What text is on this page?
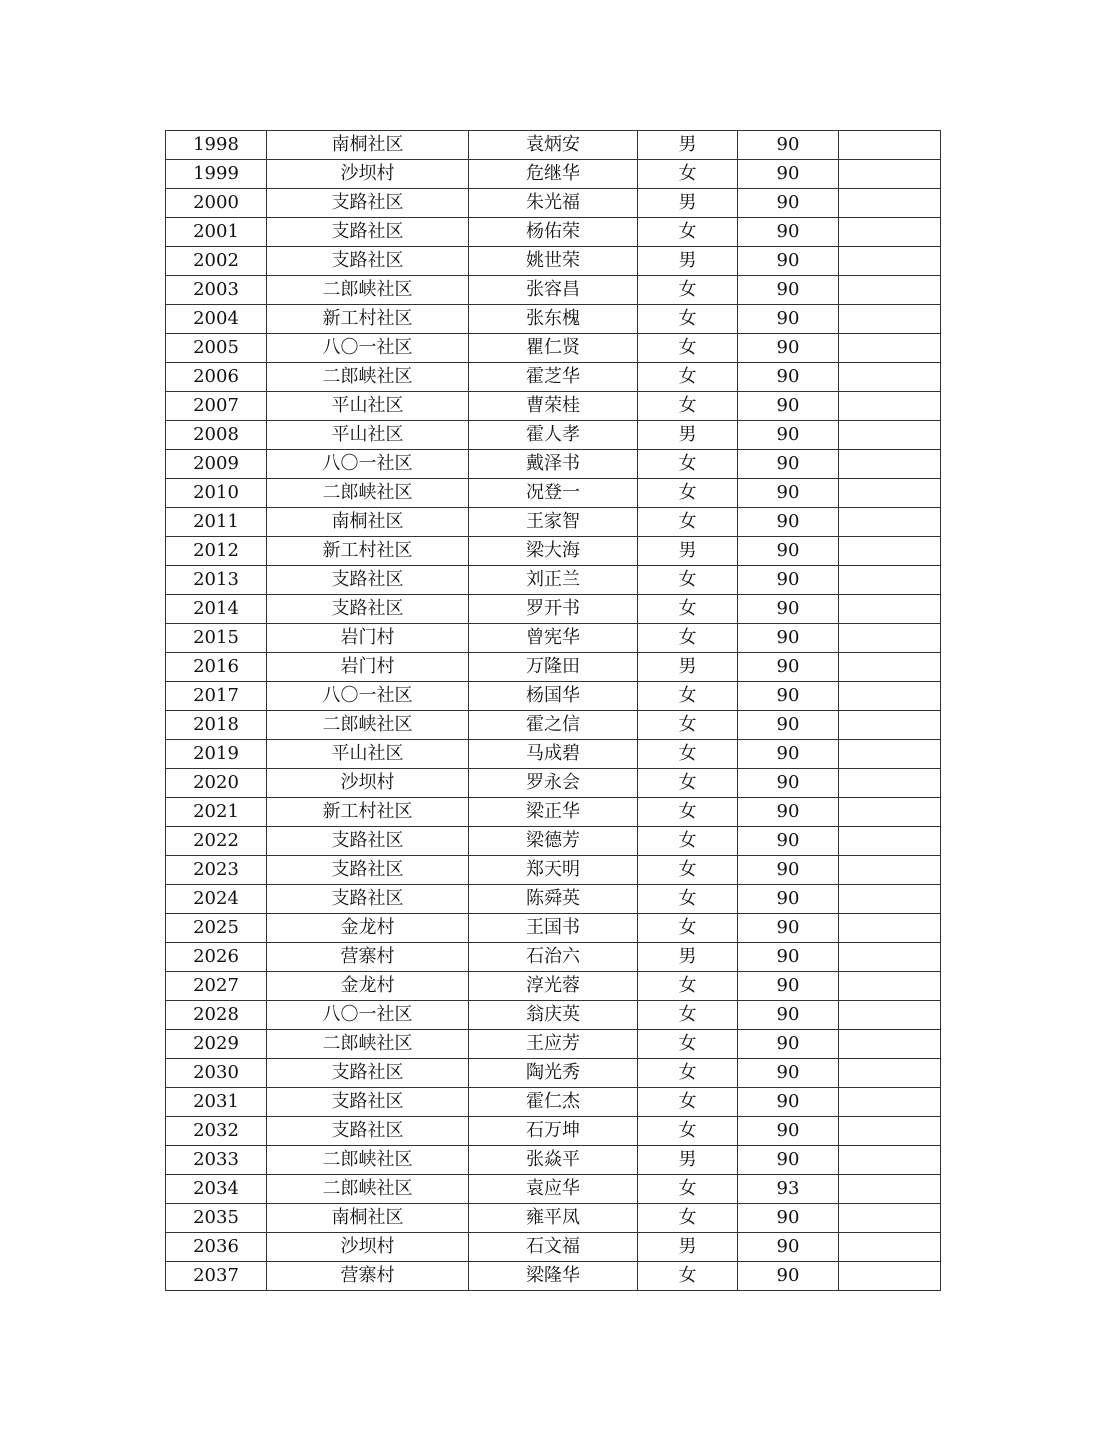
1998	南桐社区	袁炳安	男	90	
1999	沙坝村	危继华	女	90	
2000	支路社区	朱光福	男	90	
2001	支路社区	杨佑荣	女	90	
2002	支路社区	姚世荣	男	90	
2003	二郎峡社区	张容昌	女	90	
2004	新工村社区	张东槐	女	90	
2005	八〇一社区	瞿仁贤	女	90	
2006	二郎峡社区	霍芝华	女	90	
2007	平山社区	曹荣桂	女	90	
2008	平山社区	霍人孝	男	90	
2009	八〇一社区	戴泽书	女	90	
2010	二郎峡社区	况登一	女	90	
2011	南桐社区	王家智	女	90	
2012	新工村社区	梁大海	男	90	
2013	支路社区	刘正兰	女	90	
2014	支路社区	罗开书	女	90	
2015	岩门村	曾宪华	女	90	
2016	岩门村	万隆田	男	90	
2017	八〇一社区	杨国华	女	90	
2018	二郎峡社区	霍之信	女	90	
2019	平山社区	马成碧	女	90	
2020	沙坝村	罗永会	女	90	
2021	新工村社区	梁正华	女	90	
2022	支路社区	梁德芳	女	90	
2023	支路社区	郑天明	女	90	
2024	支路社区	陈舜英	女	90	
2025	金龙村	王国书	女	90	
2026	营寨村	石治六	男	90	
2027	金龙村	淳光蓉	女	90	
2028	八〇一社区	翁庆英	女	90	
2029	二郎峡社区	王应芳	女	90	
2030	支路社区	陶光秀	女	90	
2031	支路社区	霍仁杰	女	90	
2032	支路社区	石万坤	女	90	
2033	二郎峡社区	张焱平	男	90	
2034	二郎峡社区	袁应华	女	93	
2035	南桐社区	雍平凤	女	90	
2036	沙坝村	石文福	男	90	
2037	营寨村	梁隆华	女	90	
